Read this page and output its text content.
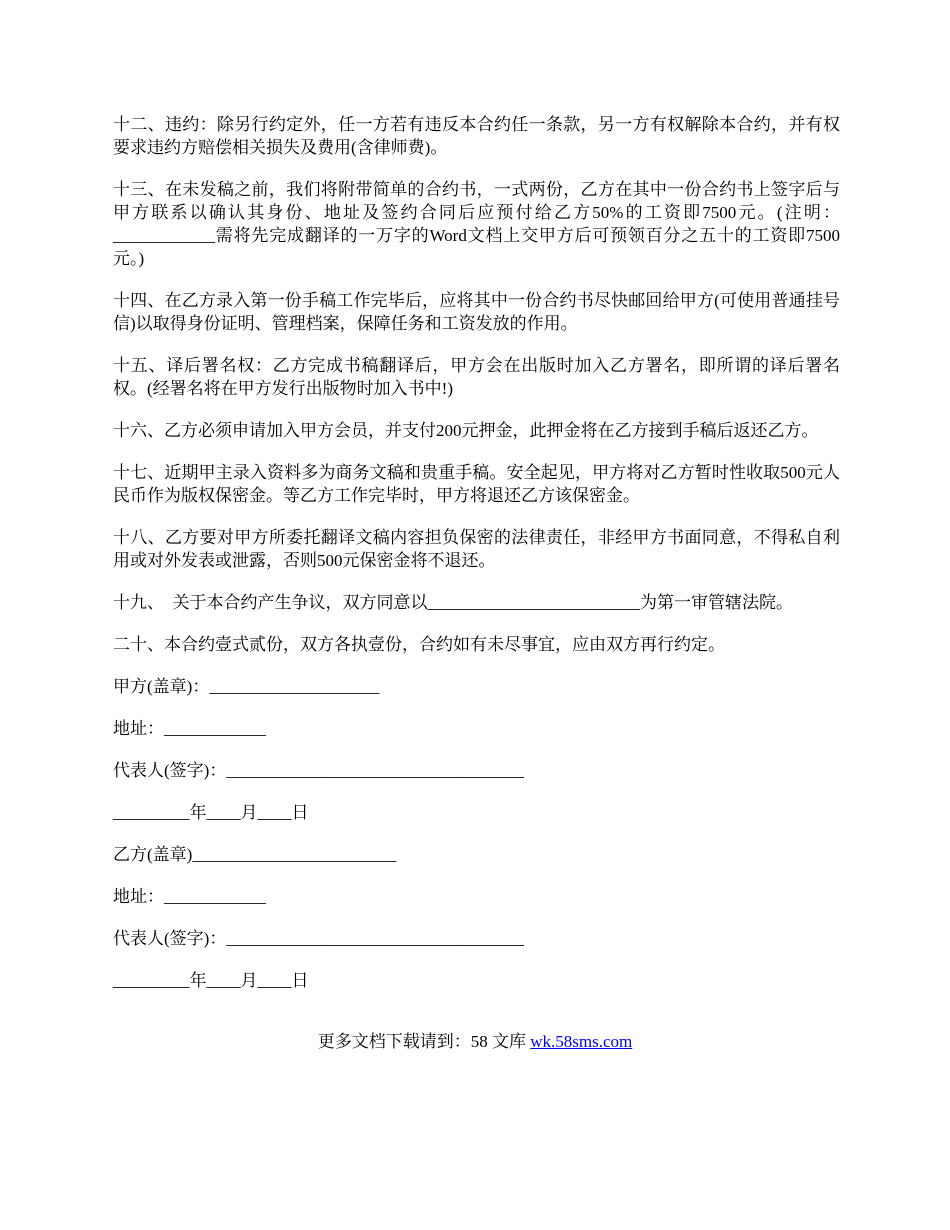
十二、违约：除另行约定外，任一方若有违反本合约任一条款，另一方有权解除本合约，并有权要求违约方赔偿相关损失及费用(含律师费)。

十三、在未发稿之前，我们将附带简单的合约书，一式两份，乙方在其中一份合约书上签字后与甲方联系以确认其身份、地址及签约合同后应预付给乙方50%的工资即7500元。(注明：____________需将先完成翻译的一万字的Word文档上交甲方后可预领百分之五十的工资即7500元。)

十四、在乙方录入第一份手稿工作完毕后，应将其中一份合约书尽快邮回给甲方(可使用普通挂号信)以取得身份证明、管理档案，保障任务和工资发放的作用。

十五、译后署名权：乙方完成书稿翻译后，甲方会在出版时加入乙方署名，即所谓的译后署名权。(经署名将在甲方发行出版物时加入书中!)

十六、乙方必须申请加入甲方会员，并支付200元押金，此押金将在乙方接到手稿后返还乙方。

十七、近期甲主录入资料多为商务文稿和贵重手稿。安全起见，甲方将对乙方暂时性收取500元人民币作为版权保密金。等乙方工作完毕时，甲方将退还乙方该保密金。

十八、乙方要对甲方所委托翻译文稿内容担负保密的法律责任，非经甲方书面同意，不得私自利用或对外发表或泄露，否则500元保密金将不退还。

十九、　关于本合约产生争议，双方同意以_________________________为第一审管辖法院。

二十、本合约壹式贰份，双方各执壹份，合约如有未尽事宜，应由双方再行约定。

甲方(盖章)：____________________

地址：____________

代表人(签字)：___________________________________

_________年____月____日

乙方(盖章)________________________

地址：____________

代表人(签字)：___________________________________

_________年____月____日

更多文档下载请到：58 文库 wk.58sms.com
